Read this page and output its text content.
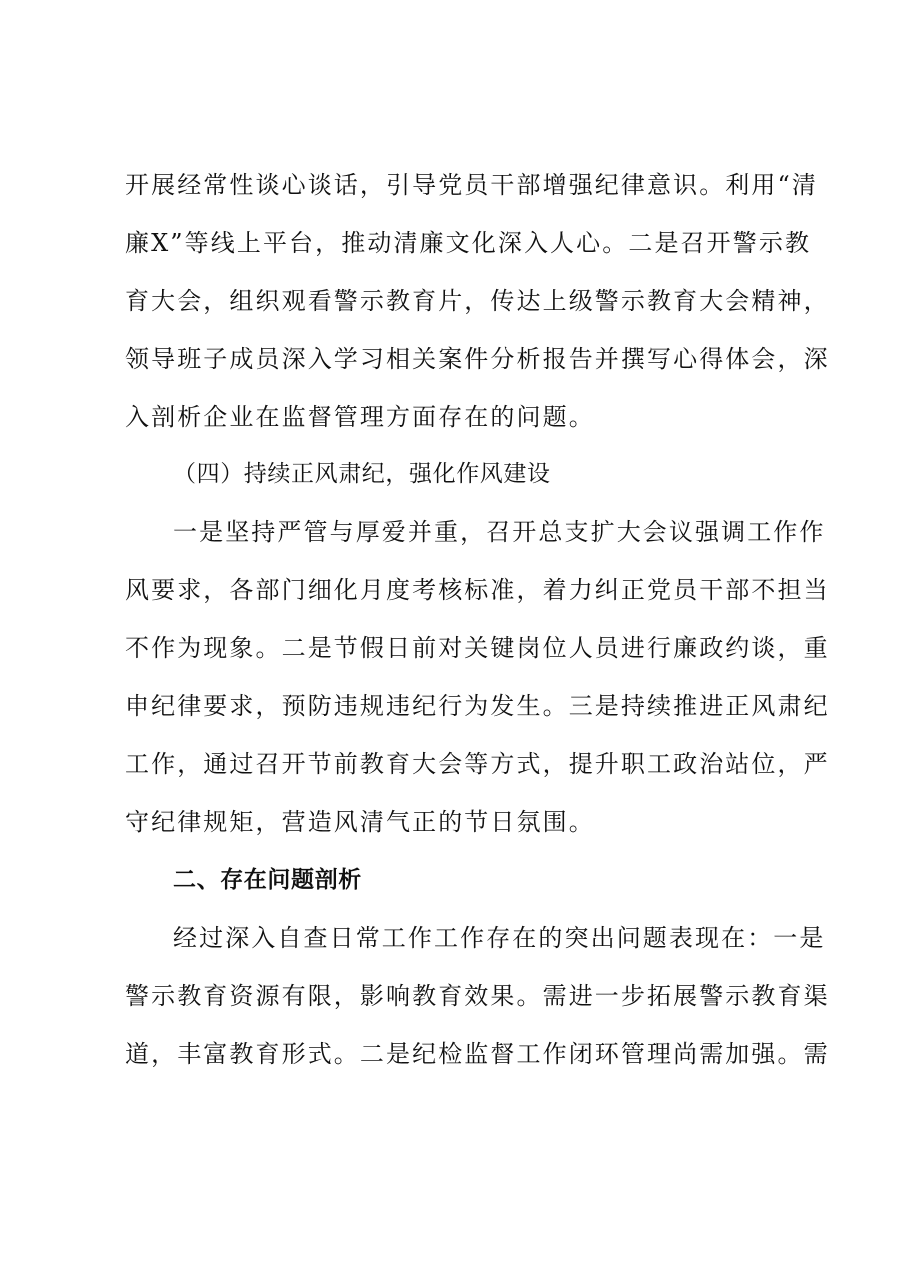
开展经常性谈心谈话，引导党员干部增强纪律意识。利用“清
廉X”等线上平台，推动清廉文化深入人心。二是召开警示教
育大会，组织观看警示教育片，传达上级警示教育大会精神，
领导班子成员深入学习相关案件分析报告并撰写心得体会，深
入剖析企业在监督管理方面存在的问题。
（四）持续正风肃纪，强化作风建设
一是坚持严管与厚爱并重，召开总支扩大会议强调工作作
风要求，各部门细化月度考核标准，着力纠正党员干部不担当
不作为现象。二是节假日前对关键岗位人员进行廉政约谈，重
申纪律要求，预防违规违纪行为发生。三是持续推进正风肃纪
工作，通过召开节前教育大会等方式，提升职工政治站位，严
守纪律规矩，营造风清气正的节日氛围。
二、存在问题剖析
经过深入自查日常工作工作存在的突出问题表现在：一是
警示教育资源有限，影响教育效果。需进一步拓展警示教育渠
道，丰富教育形式。二是纪检监督工作闭环管理尚需加强。需
